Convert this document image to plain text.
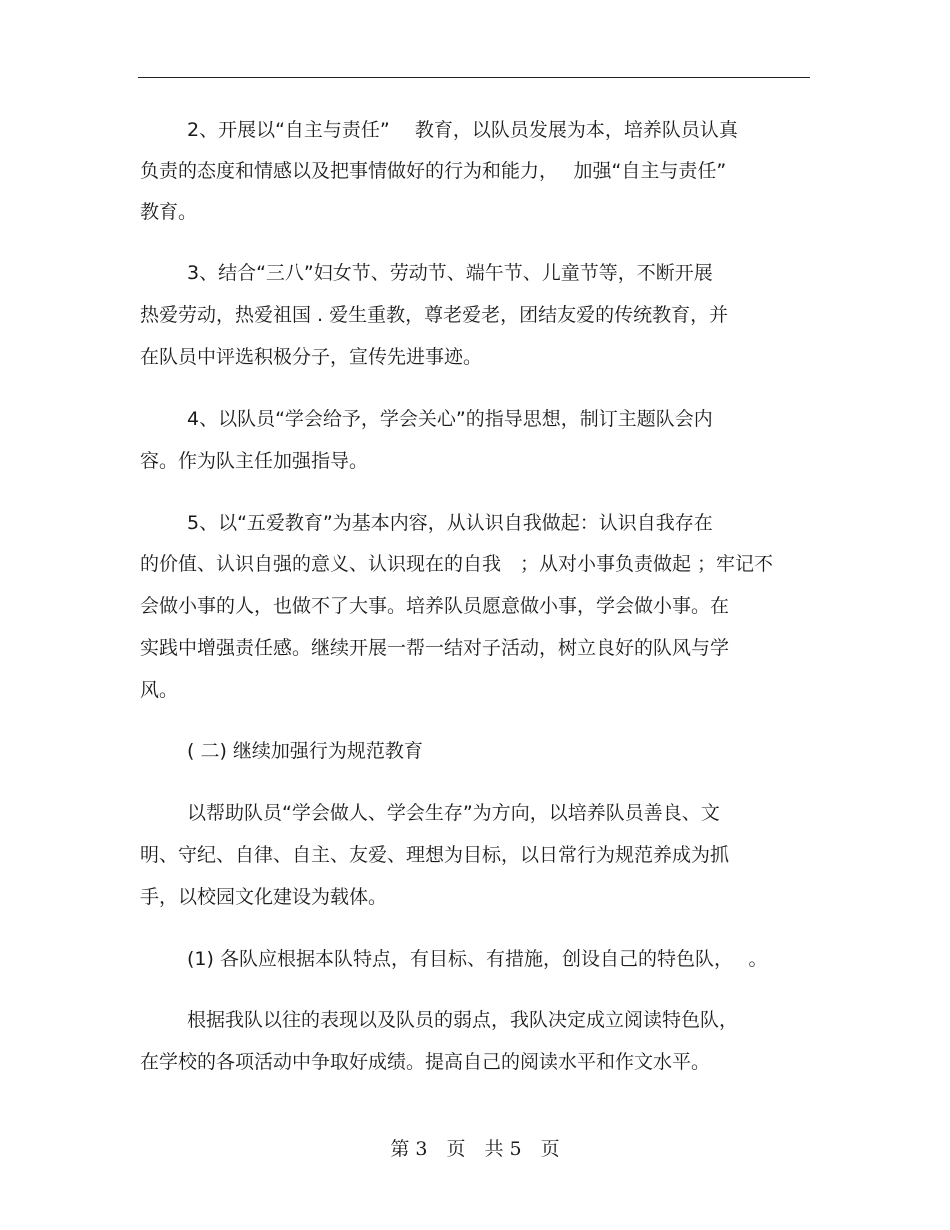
2、开展以“自主与责任”　 教育，以队员发展为本，培养队员认真
负责的态度和情感以及把事情做好的行为和能力，　 加强“自主与责任”
教育。
3、结合“三八”妇女节、劳动节、端午节、儿童节等，不断开展
热爱劳动，热爱祖国 . 爱生重教，尊老爱老，团结友爱的传统教育，并
在队员中评选积极分子，宣传先进事迹。
4、以队员“学会给予，学会关心”的指导思想，制订主题队会内
容。作为队主任加强指导。
5、以“五爱教育”为基本内容，从认识自我做起：认识自我存在
的价值、认识自强的意义、认识现在的自我　；从对小事负责做起 ；牢记不
会做小事的人，也做不了大事。培养队员愿意做小事，学会做小事。在
实践中增强责任感。继续开展一帮一结对子活动，树立良好的队风与学
风。
( 二) 继续加强行为规范教育
以帮助队员“学会做人、学会生存”为方向，以培养队员善良、文
明、守纪、自律、自主、友爱、理想为目标，以日常行为规范养成为抓
手，以校园文化建设为载体。
(1) 各队应根据本队特点，有目标、有措施，创设自己的特色队，　 。
根据我队以往的表现以及队员的弱点，我队决定成立阅读特色队，
在学校的各项活动中争取好成绩。提高自己的阅读水平和作文水平。
第 3　页　共 5　页
